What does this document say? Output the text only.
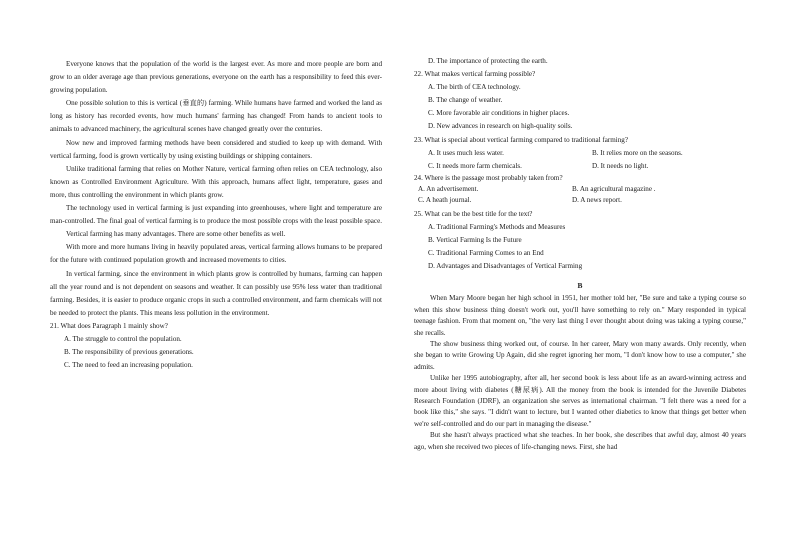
Everyone knows that the population of the world is the largest ever. As more and more people are born and grow to an older average age than previous generations, everyone on the earth has a responsibility to feed this ever-growing population.

One possible solution to this is vertical (垂直的) farming. While humans have farmed and worked the land as long as history has recorded events, how much humans' farming has changed! From hands to ancient tools to animals to advanced machinery, the agricultural scenes have changed greatly over the centuries.

Now new and improved farming methods have been considered and studied to keep up with demand. With vertical farming, food is grown vertically by using existing buildings or shipping containers.

Unlike traditional farming that relies on Mother Nature, vertical farming often relies on CEA technology, also known as Controlled Environment Agriculture. With this approach, humans affect light, temperature, gases and more, thus controlling the environment in which plants grow.

The technology used in vertical farming is just expanding into greenhouses, where light and temperature are man-controlled. The final goal of vertical farming is to produce the most possible crops with the least possible space.

Vertical farming has many advantages. There are some other benefits as well.

With more and more humans living in heavily populated areas, vertical farming allows humans to be prepared for the future with continued population growth and increased movements to cities.

In vertical farming, since the environment in which plants grow is controlled by humans, farming can happen all the year round and is not dependent on seasons and weather. It can possibly use 95% less water than traditional farming. Besides, it is easier to produce organic crops in such a controlled environment, and farm chemicals will not be needed to protect the plants. This means less pollution in the environment.

21. What does Paragraph 1 mainly show?

A. The struggle to control the population.

B. The responsibility of previous generations.

C. The need to feed an increasing population.

D. The importance of protecting the earth.

22. What makes vertical farming possible?

A. The birth of CEA technology.

B. The change of weather.

C. More favorable air conditions in higher places.

D. New advances in research on high-quality soils.

23. What is special about vertical farming compared to traditional farming?

A. It uses much less water.	B. It relies more on the seasons.
C. It needs more farm chemicals.	D. It needs no light.

24. Where is the passage most probably taken from?

A. An advertisement.	B. An agricultural magazine .
C. A heath journal.	D. A news report.

25. What can be the best title for the text?

A. Traditional Farming's Methods and Measures

B. Vertical Farming Is the Future

C. Traditional Farming Comes to an End

D. Advantages and Disadvantages of Vertical Farming

B

When Mary Moore began her high school in 1951, her mother told her, "Be sure and take a typing course so when this show business thing doesn't work out, you'll have something to rely on." Mary responded in typical teenage fashion. From that moment on, "the very last thing I ever thought about doing was taking a typing course," she recalls.

The show business thing worked out, of course. In her career, Mary won many awards. Only recently, when she began to write Growing Up Again, did she regret ignoring her mom, "I don't know how to use a computer," she admits.

Unlike her 1995 autobiography, after all, her second book is less about life as an award-winning actress and more about living with diabetes (糖尿病). All the money from the book is intended for the Juvenile Diabetes Research Foundation (JDRF), an organization she serves as international chairman. "I felt there was a need for a book like this," she says. "I didn't want to lecture, but I wanted other diabetics to know that things get better when we're self-controlled and do our part in managing the disease."

But she hasn't always practiced what she teaches. In her book, she describes that awful day, almost 40 years ago, when she received two pieces of life-changing news. First, she had
